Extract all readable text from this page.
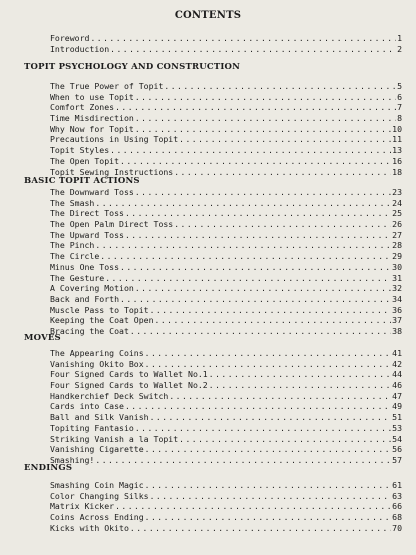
CONTENTS
Foreword .....	1
Introduction .....	2
TOPIT PSYCHOLOGY AND CONSTRUCTION
The True Power of Topit .....	5
When to use Topit .....	6
Comfort Zones .....	7
Time Misdirection .....	8
Why Now for Topit .....	10
Precautions in Using Topit .....	11
Topit Styles .....	13
The Open Topit .....	16
Topit Sewing Instructions .....	18
BASIC TOPIT ACTIONS
The Downward Toss .....	23
The Smash .....	24
The Direct Toss .....	25
The Open Palm Direct Toss .....	26
The Upward Toss .....	27
The Pinch .....	28
The Circle .....	29
Minus One Toss .....	30
The Gesture .....	31
A Covering Motion .....	32
Back and Forth .....	34
Muscle Pass to Topit .....	36
Keeping the Coat Open .....	37
Bracing the Coat .....	38
MOVES
The Appearing Coins .....	41
Vanishing Okito Box .....	42
Four Signed Cards to Wallet No.1 .....	44
Four Signed Cards to Wallet No.2 .....	46
Handkerchief Deck Switch .....	47
Cards into Case .....	49
Ball and Silk Vanish .....	51
Topiting Fantasio .....	53
Striking Vanish a la Topit .....	54
Vanishing Cigarette .....	56
Smashing! .....	57
ENDINGS
Smashing Coin Magic .....	61
Color Changing Silks .....	63
Matrix Kicker .....	66
Coins Across Ending .....	68
Kicks with Okito .....	70
